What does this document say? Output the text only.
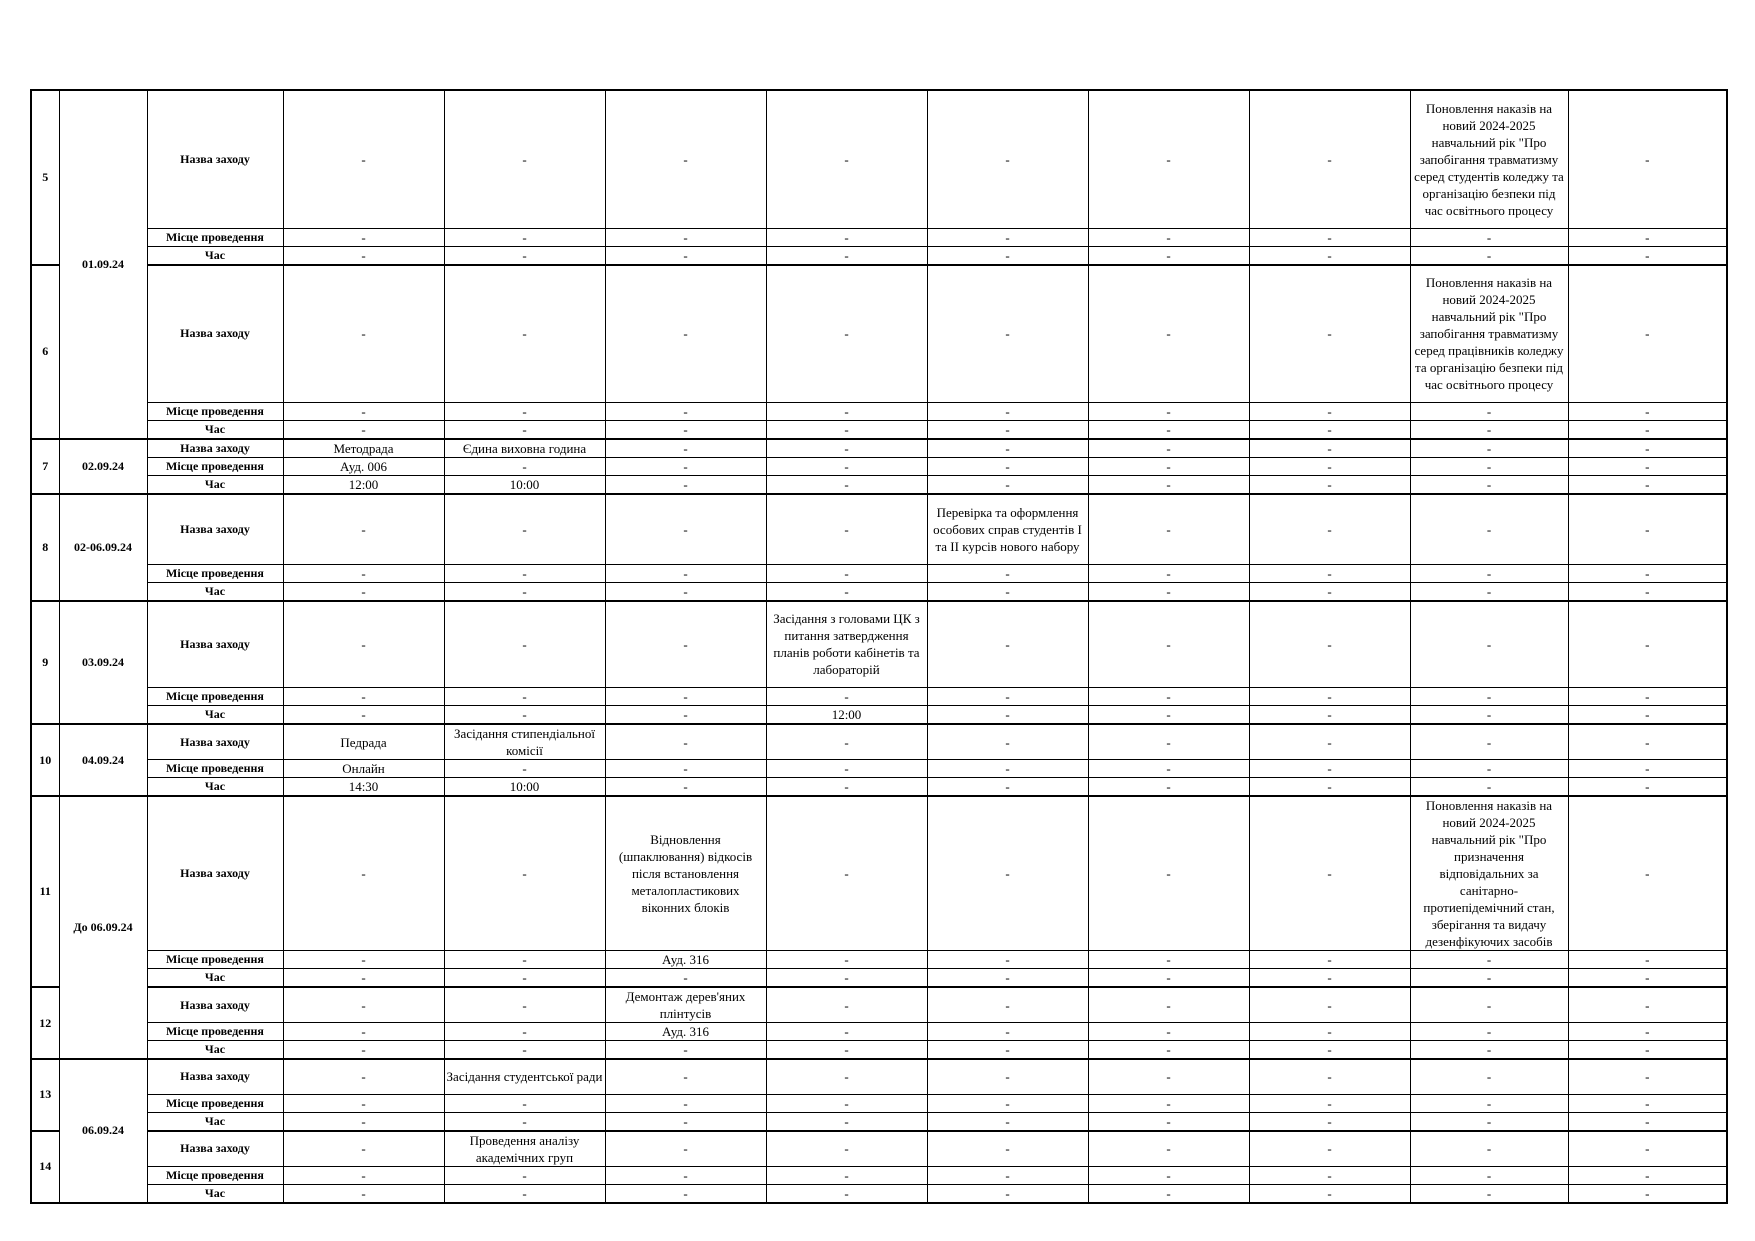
5	01.09.24	Назва заходу	-	-	-	-	-	-	-	Поновлення наказів на новий 2024-2025 навчальний рік "Про запобігання травматизму серед студентів коледжу та організацію безпеки під час освітнього процесу	-
		Місце проведення	-	-	-	-	-	-	-	-	-
		Час	-	-	-	-	-	-	-	-	-
6		Назва заходу	-	-	-	-	-	-	-	Поновлення наказів на новий 2024-2025 навчальний рік "Про запобігання травматизму серед працівників коледжу та організацію безпеки під час освітнього процесу	-
		Місце проведення	-	-	-	-	-	-	-	-	-
		Час	-	-	-	-	-	-	-	-	-
7	02.09.24	Назва заходу	Методрада	Єдина виховна година	-	-	-	-	-	-	-
		Місце проведення	Ауд. 006	-	-	-	-	-	-	-	-
		Час	12:00	10:00	-	-	-	-	-	-	-
8	02-06.09.24	Назва заходу	-	-	-	-	Перевірка та оформлення особових справ студентів I та II курсів нового набору	-	-	-	-
		Місце проведення	-	-	-	-	-	-	-	-	-
		Час	-	-	-	-	-	-	-	-	-
9	03.09.24	Назва заходу	-	-	-	Засідання з головами ЦК з питання затвердження планів роботи кабінетів та лабораторій	-	-	-	-	-
		Місце проведення	-	-	-	-	-	-	-	-	-
		Час	-	-	-	12:00	-	-	-	-	-
10	04.09.24	Назва заходу	Педрада	Засідання стипендіальної комісії	-	-	-	-	-	-	-
		Місце проведення	Онлайн	-	-	-	-	-	-	-	-
		Час	14:30	10:00	-	-	-	-	-	-	-
11	До 06.09.24	Назва заходу	-	-	Відновлення (шпаклювання) відкосів після встановлення металопластикових віконних блоків	-	-	-	-	Поновлення наказів на новий 2024-2025 навчальний рік "Про призначення відповідальних за санітарно-протиепідемічний стан, зберігання та видачу дезенфікуючих засобів	-
		Місце проведення	-	-	Ауд. 316	-	-	-	-	-	-
		Час	-	-	-	-	-	-	-	-	-
12		Назва заходу	-	-	Демонтаж дерев'яних плінтусів	-	-	-	-	-	-
		Місце проведення	-	-	Ауд. 316	-	-	-	-	-	-
		Час	-	-	-	-	-	-	-	-	-
13	06.09.24	Назва заходу	-	Засідання студентської ради	-	-	-	-	-	-	-
		Місце проведення	-	-	-	-	-	-	-	-	-
		Час	-	-	-	-	-	-	-	-	-
14		Назва заходу	-	Проведення аналізу академічних груп	-	-	-	-	-	-	-
		Місце проведення	-	-	-	-	-	-	-	-	-
		Час	-	-	-	-	-	-	-	-	-
